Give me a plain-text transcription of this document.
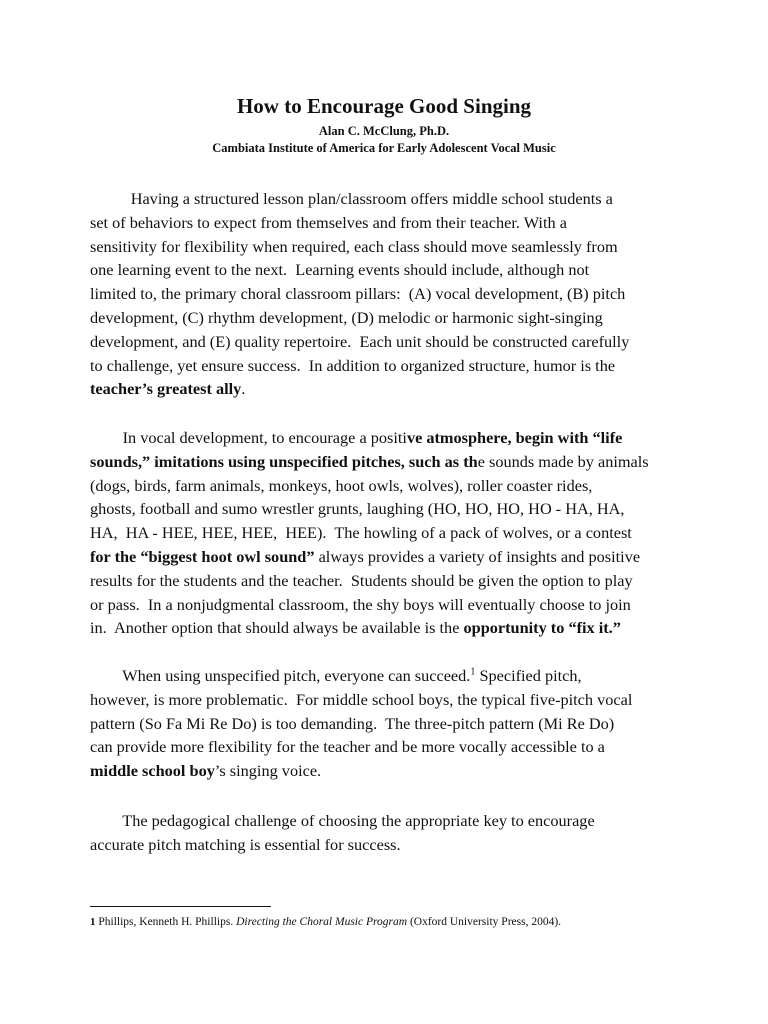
How to Encourage Good Singing
Alan C. McClung, Ph.D.
Cambiata Institute of America for Early Adolescent Vocal Music

Having a structured lesson plan/classroom offers middle school students a
set of behaviors to expect from themselves and from their teacher. With a
sensitivity for flexibility when required, each class should move seamlessly from
one learning event to the next.  Learning events should include, although not
limited to, the primary choral classroom pillars:  (A) vocal development, (B) pitch
development, (C) rhythm development, (D) melodic or harmonic sight-singing
development, and (E) quality repertoire.  Each unit should be constructed carefully
to challenge, yet ensure success.  In addition to organized structure, humor is the
teacher’s greatest ally.

In vocal development, to encourage a positive atmosphere, begin with “life
sounds,” imitations using unspecified pitches, such as the sounds made by animals
(dogs, birds, farm animals, monkeys, hoot owls, wolves), roller coaster rides,
ghosts, football and sumo wrestler grunts, laughing (HO, HO, HO, HO - HA, HA,
HA,  HA - HEE, HEE, HEE,  HEE).  The howling of a pack of wolves, or a contest
for the “biggest hoot owl sound” always provides a variety of insights and positive
results for the students and the teacher.  Students should be given the option to play
or pass.  In a nonjudgmental classroom, the shy boys will eventually choose to join
in.  Another option that should always be available is the opportunity to “fix it.”

When using unspecified pitch, everyone can succeed.$^1$ Specified pitch,
however, is more problematic.  For middle school boys, the typical five-pitch vocal
pattern (So Fa Mi Re Do) is too demanding.  The three-pitch pattern (Mi Re Do)
can provide more flexibility for the teacher and be more vocally accessible to a
middle school boy’s singing voice.

The pedagogical challenge of choosing the appropriate key to encourage
accurate pitch matching is essential for success.

1 Phillips, Kenneth H. Phillips. Directing the Choral Music Program (Oxford University Press, 2004).
